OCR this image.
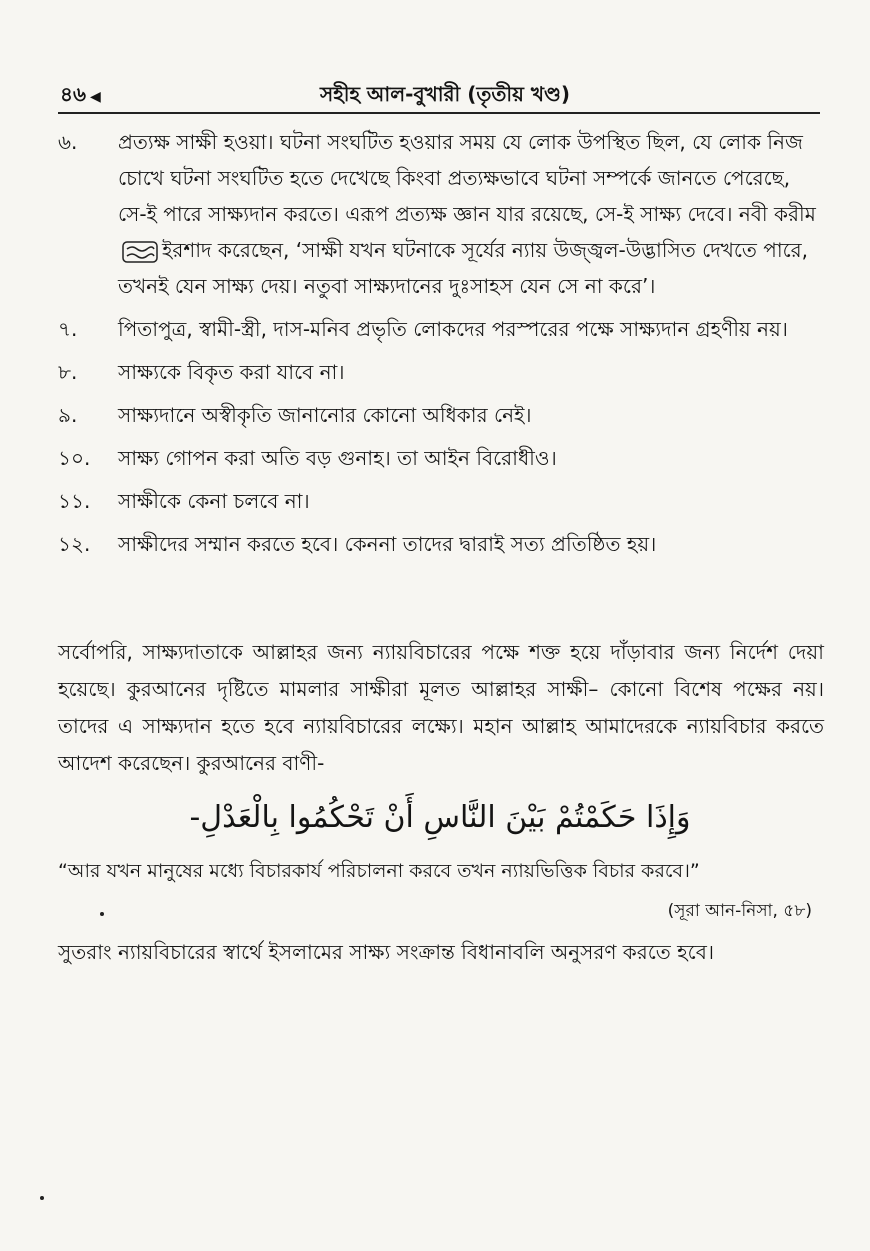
৪৬ ◀	সহীহ আল-বুখারী (তৃতীয় খণ্ড)
৬.	প্রত্যক্ষ সাক্ষী হওয়া। ঘটনা সংঘটিত হওয়ার সময় যে লোক উপস্থিত ছিল, যে লোক নিজ চোখে ঘটনা সংঘটিত হতে দেখেছে কিংবা প্রত্যক্ষভাবে ঘটনা সম্পর্কে জানতে পেরেছে, সে-ই পারে সাক্ষ্যদান করতে। এরূপ প্রত্যক্ষ জ্ঞান যার রয়েছে, সে-ই সাক্ষ্য দেবে। নবী করীমইরশাদ করেছেন, ‘সাক্ষী যখন ঘটনাকে সূর্যের ন্যায় উজ্জ্বল-উদ্ভাসিত দেখতে পারে, তখনই যেন সাক্ষ্য দেয়। নতুবা সাক্ষ্যদানের দুঃসাহস যেন সে না করে’।
৭.	পিতাপুত্র, স্বামী-স্ত্রী, দাস-মনিব প্রভৃতি লোকদের পরস্পরের পক্ষে সাক্ষ্যদান গ্রহণীয় নয়।
৮.	সাক্ষ্যকে বিকৃত করা যাবে না।
৯.	সাক্ষ্যদানে অস্বীকৃতি জানানোর কোনো অধিকার নেই।
১০.	সাক্ষ্য গোপন করা অতি বড় গুনাহ। তা আইন বিরোধীও।
১১.	সাক্ষীকে কেনা চলবে না।
১২.	সাক্ষীদের সম্মান করতে হবে। কেননা তাদের দ্বারাই সত্য প্রতিষ্ঠিত হয়।
সর্বোপরি, সাক্ষ্যদাতাকে আল্লাহর জন্য ন্যায়বিচারের পক্ষে শক্ত হয়ে দাঁড়াবার জন্য নির্দেশ দেয়া হয়েছে। কুরআনের দৃষ্টিতে মামলার সাক্ষীরা মূলত আল্লাহর সাক্ষী– কোনো বিশেষ পক্ষের নয়। তাদের এ সাক্ষ্যদান হতে হবে ন্যায়বিচারের লক্ষ্যে। মহান আল্লাহ আমাদেরকে ন্যায়বিচার করতে আদেশ করেছেন। কুরআনের বাণী-
وَإِذَا حَكَمْتُمْ بَيْنَ النَّاسِ أَنْ تَحْكُمُوا بِالْعَدْلِ-
“আর যখন মানুষের মধ্যে বিচারকার্য পরিচালনা করবে তখন ন্যায়ভিত্তিক বিচার করবে।”
(সূরা আন-নিসা, ৫৮)
সুতরাং ন্যায়বিচারের স্বার্থে ইসলামের সাক্ষ্য সংক্রান্ত বিধানাবলি অনুসরণ করতে হবে।
